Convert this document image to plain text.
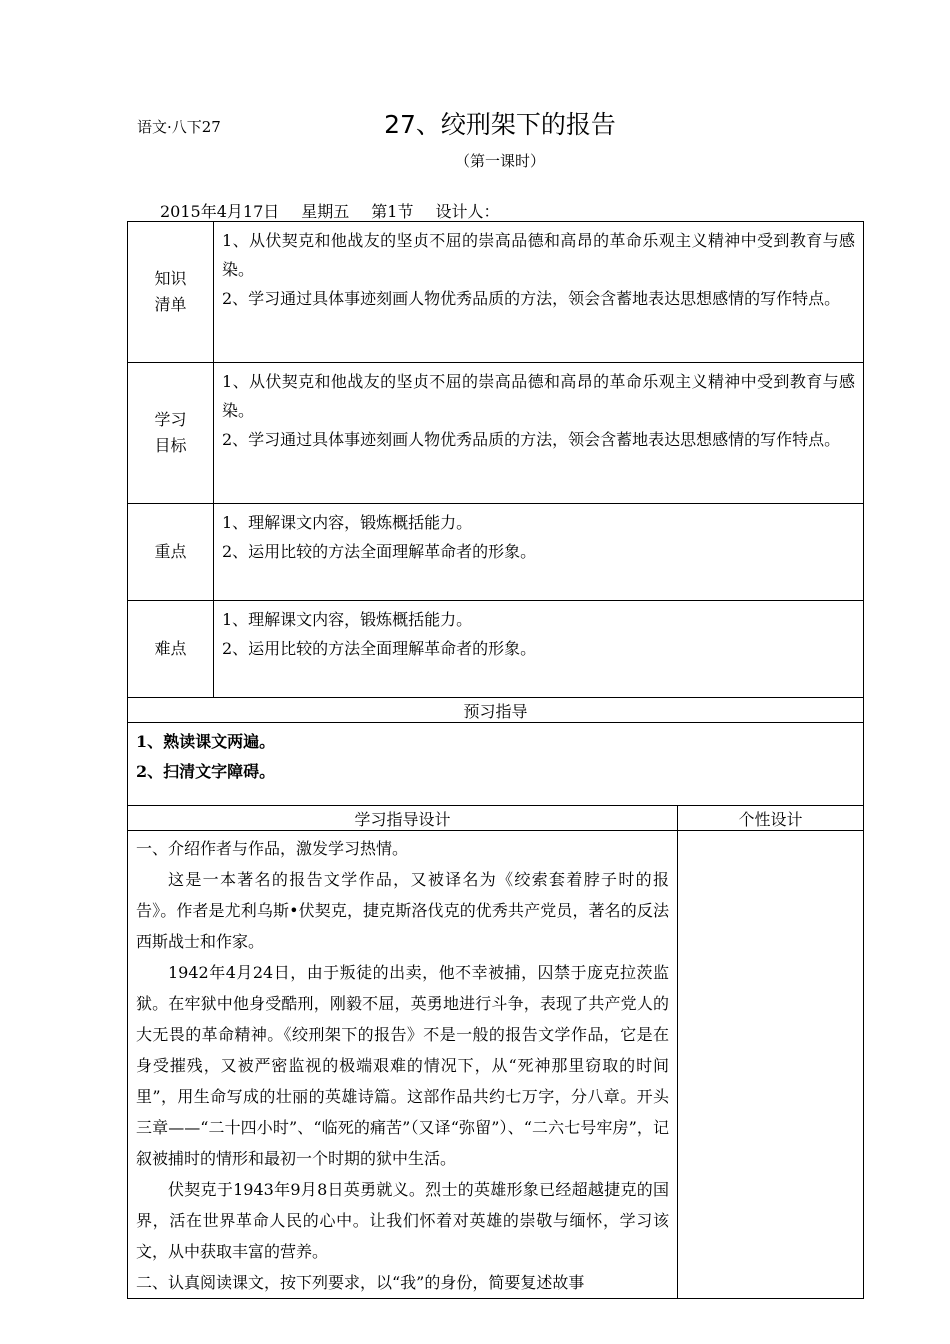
语文·八下27	27、绞刑架下的报告
（第一课时）
2015年4月17日 星期五 第1节 设计人：
知识清单	1、从伏契克和他战友的坚贞不屈的崇高品德和高昂的革命乐观主义精神中受到教育与感染。

2、学习通过具体事迹刻画人物优秀品质的方法，领会含蓄地表达思想感情的写作特点。	

学习目标	1、从伏契克和他战友的坚贞不屈的崇高品德和高昂的革命乐观主义精神中受到教育与感染。

2、学习通过具体事迹刻画人物优秀品质的方法，领会含蓄地表达思想感情的写作特点。	

重点	1、理解课文内容，锻炼概括能力。

2、运用比较的方法全面理解革命者的形象。	

难点	1、理解课文内容，锻炼概括能力。

2、运用比较的方法全面理解革命者的形象。	

预习指导		

1、熟读课文两遍。

2、扫清文字障碍。		

学习指导设计		个性设计

一、介绍作者与作品，激发学习热情。

这是一本著名的报告文学作品，又被译名为《绞索套着脖子时的报告》。作者是尤利乌斯•伏契克，捷克斯洛伐克的优秀共产党员，著名的反法西斯战士和作家。

1942年4月24日，由于叛徒的出卖，他不幸被捕，囚禁于庞克拉茨监狱。在牢狱中他身受酷刑，刚毅不屈，英勇地进行斗争，表现了共产党人的大无畏的革命精神。《绞刑架下的报告》不是一般的报告文学作品，它是在身受摧残，又被严密监视的极端艰难的情况下，从“死神那里窃取的时间里”，用生命写成的壮丽的英雄诗篇。这部作品共约七万字，分八章。开头三章——“二十四小时”、“临死的痛苦”（又译“弥留”）、“二六七号牢房”，记叙被捕时的情形和最初一个时期的狱中生活。

伏契克于1943年9月8日英勇就义。烈士的英雄形象已经超越捷克的国界，活在世界革命人民的心中。让我们怀着对英雄的崇敬与缅怀，学习该文，从中获取丰富的营养。

二、认真阅读课文，按下列要求，以“我”的身份，简要复述故事		
